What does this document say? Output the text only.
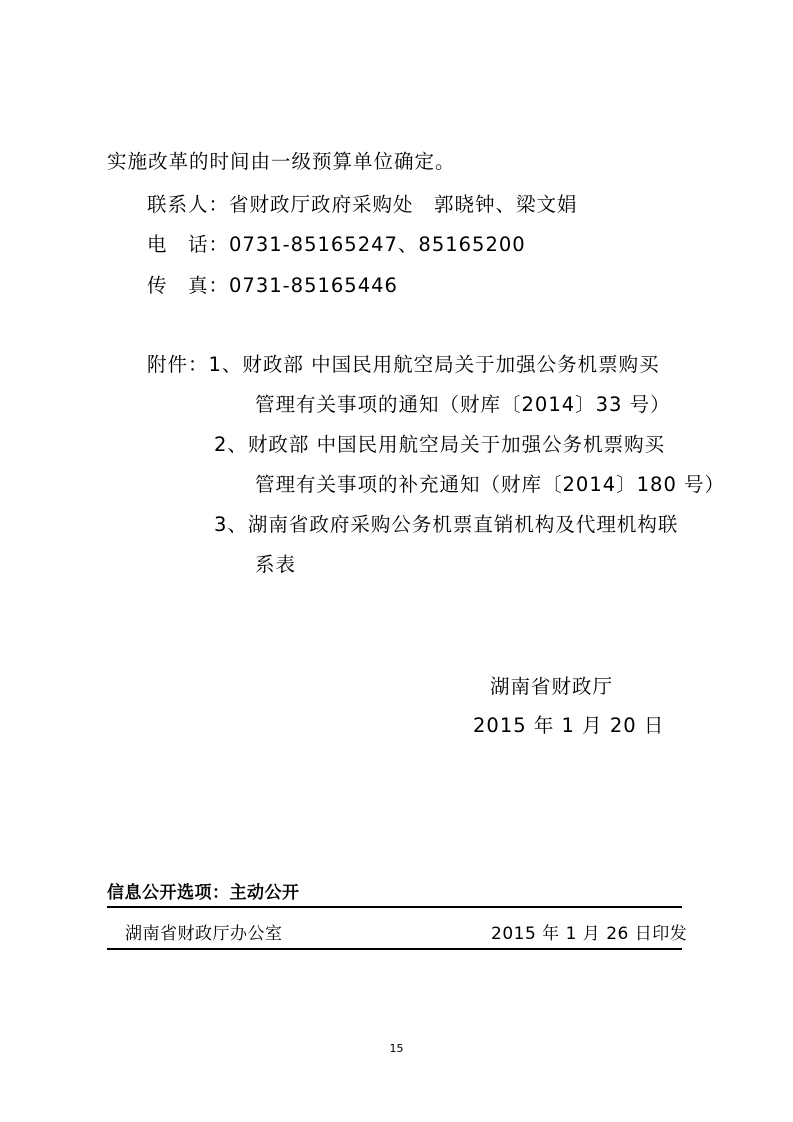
实施改革的时间由一级预算单位确定。
联系人：省财政厅政府采购处　郭晓钟、梁文娟
电　话：0731-85165247、85165200
传　真：0731-85165446
附件：1、财政部 中国民用航空局关于加强公务机票购买
管理有关事项的通知（财库〔2014〕33 号）
2、财政部 中国民用航空局关于加强公务机票购买
管理有关事项的补充通知（财库〔2014〕180 号）
3、湖南省政府采购公务机票直销机构及代理机构联
系表
湖南省财政厅
2015 年 1 月 20 日
信息公开选项：主动公开
湖南省财政厅办公室	2015 年 1 月 26 日印发
15
